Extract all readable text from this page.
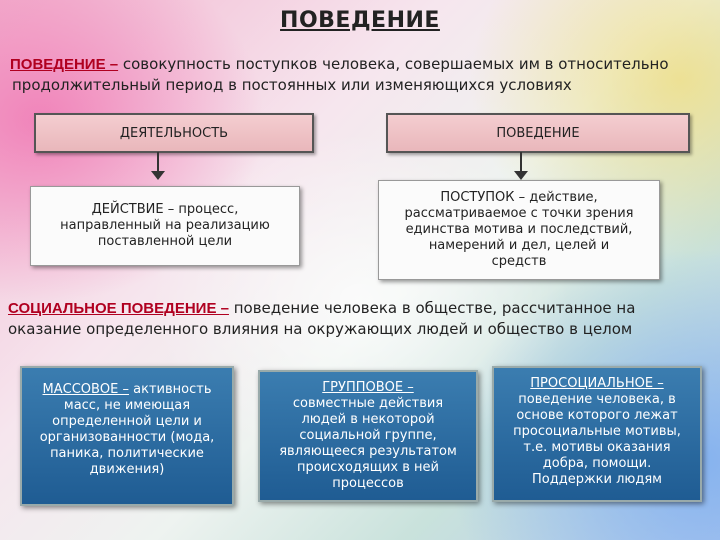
ПОВЕДЕНИЕ
ПОВЕДЕНИЕ – совокупность поступков человека, совершаемых им в относительно
продолжительный период в постоянных или изменяющихся условиях
ДЕЯТЕЛЬНОСТЬ	ПОВЕДЕНИЕ
ДЕЙСТВИЕ – процесс,
направленный на реализацию
поставленной цели
ПОСТУПОК – действие,
рассматриваемое с точки зрения
единства мотива и последствий,
намерений и дел, целей и
средств
СОЦИАЛЬНОЕ ПОВЕДЕНИЕ – поведение человека в обществе, рассчитанное на
оказание определенного влияния на окружающих людей и общество в целом
МАССОВОЕ – активность
масс, не имеющая
определенной цели и
организованности (мода,
паника, политические
движения)
ГРУППОВОЕ –
совместные действия
людей в некоторой
социальной группе,
являющееся результатом
происходящих в ней
процессов
ПРОСОЦИАЛЬНОЕ –
поведение человека, в
основе которого лежат
просоциальные мотивы,
т.е. мотивы оказания
добра, помощи.
Поддержки людям
